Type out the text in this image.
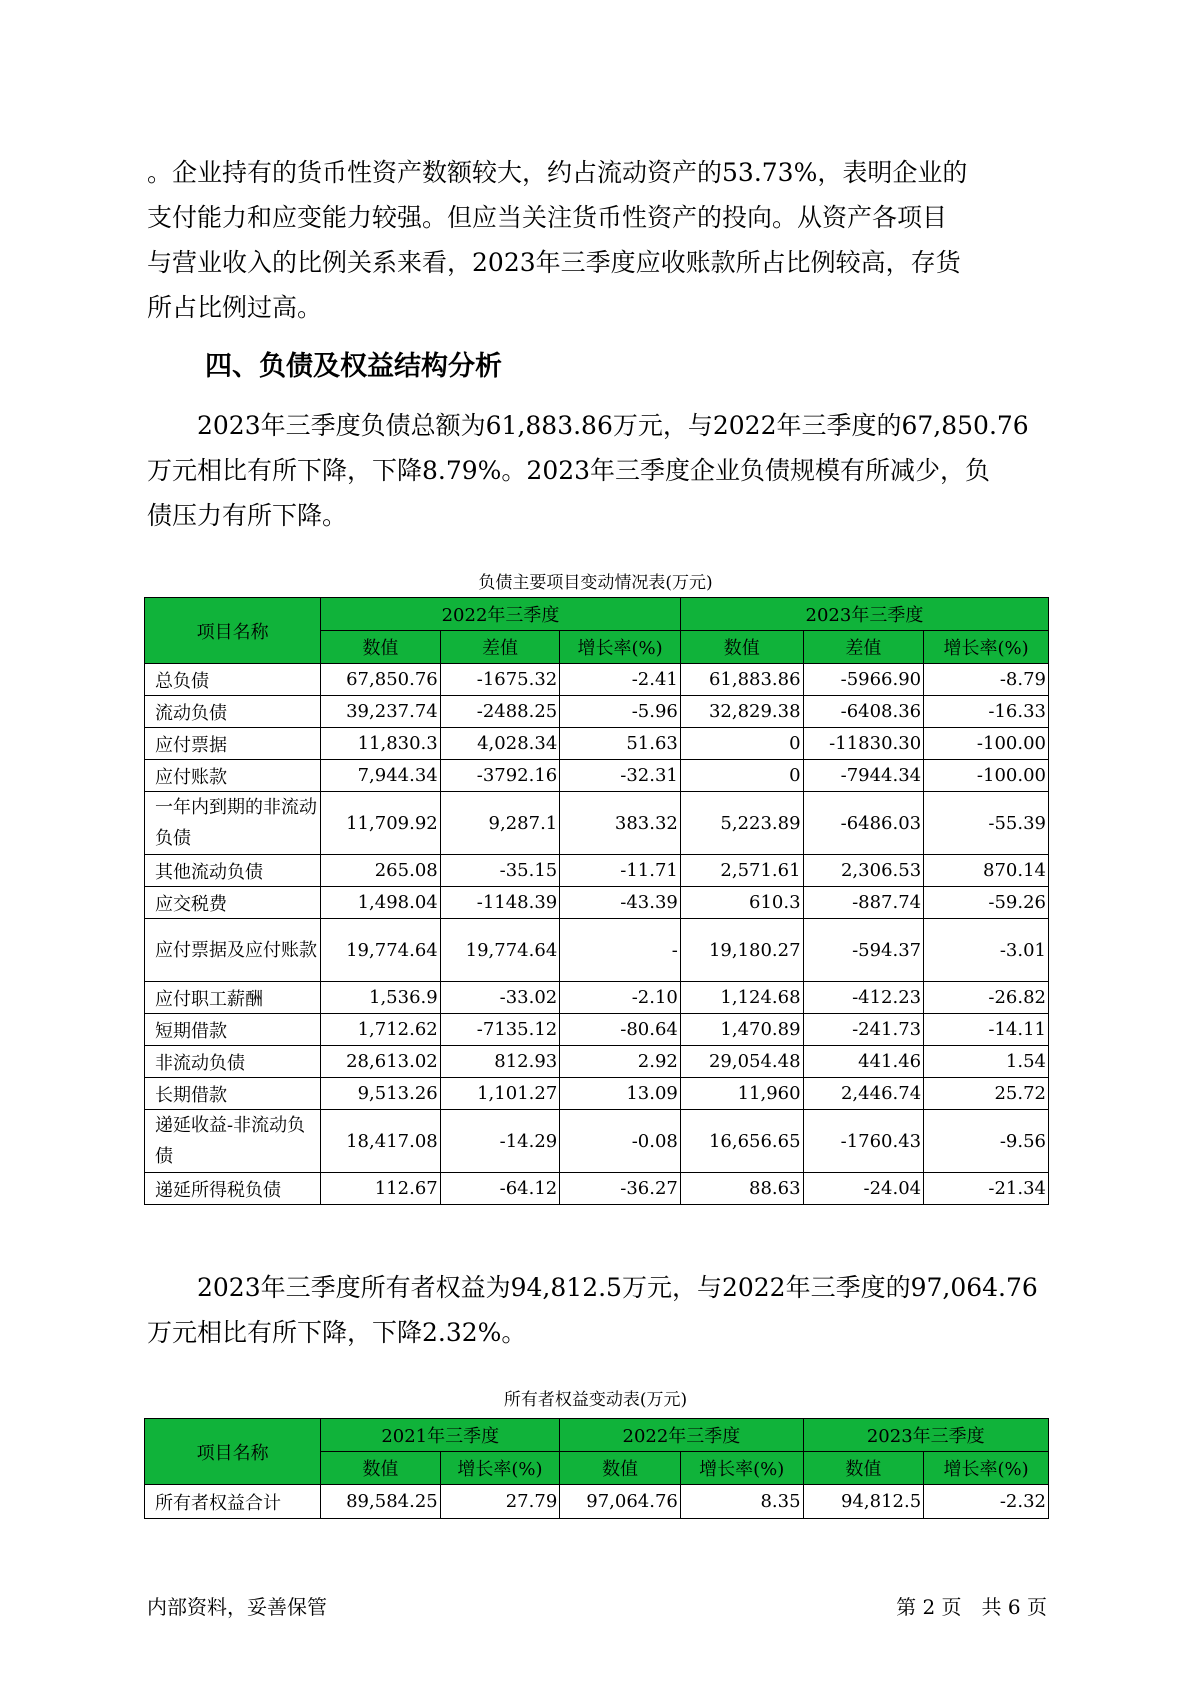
。企业持有的货币性资产数额较大，约占流动资产的53.73%，表明企业的
支付能力和应变能力较强。但应当关注货币性资产的投向。从资产各项目
与营业收入的比例关系来看，2023年三季度应收账款所占比例较高，存货
所占比例过高。
四、负债及权益结构分析
　　2023年三季度负债总额为61,883.86万元，与2022年三季度的67,850.76
万元相比有所下降，下降8.79%。2023年三季度企业负债规模有所减少，负
债压力有所下降。

负债主要项目变动情况表(万元)

项目名称	2022年三季度			2023年三季度		
	数值	差值	增长率(%)	数值	差值	增长率(%)
总负债	67,850.76	-1675.32	-2.41	61,883.86	-5966.90	-8.79
流动负债	39,237.74	-2488.25	-5.96	32,829.38	-6408.36	-16.33
应付票据	11,830.3	4,028.34	51.63	0	-11830.30	-100.00
应付账款	7,944.34	-3792.16	-32.31	0	-7944.34	-100.00
一年内到期的非流动负债	11,709.92	9,287.1	383.32	5,223.89	-6486.03	-55.39
其他流动负债	265.08	-35.15	-11.71	2,571.61	2,306.53	870.14
应交税费	1,498.04	-1148.39	-43.39	610.3	-887.74	-59.26
应付票据及应付账款	19,774.64	19,774.64	-	19,180.27	-594.37	-3.01
应付职工薪酬	1,536.9	-33.02	-2.10	1,124.68	-412.23	-26.82
短期借款	1,712.62	-7135.12	-80.64	1,470.89	-241.73	-14.11
非流动负债	28,613.02	812.93	2.92	29,054.48	441.46	1.54
长期借款	9,513.26	1,101.27	13.09	11,960	2,446.74	25.72
递延收益-非流动负债	18,417.08	-14.29	-0.08	16,656.65	-1760.43	-9.56
递延所得税负债	112.67	-64.12	-36.27	88.63	-24.04	-21.34
　　2023年三季度所有者权益为94,812.5万元，与2022年三季度的97,064.76
万元相比有所下降，下降2.32%。

所有者权益变动表(万元)

项目名称	2021年三季度		2022年三季度		2023年三季度	
	数值	增长率(%)	数值	增长率(%)	数值	增长率(%)
所有者权益合计	89,584.25	27.79	97,064.76	8.35	94,812.5	-2.32

内部资料，妥善保管	第 2 页　共 6 页
